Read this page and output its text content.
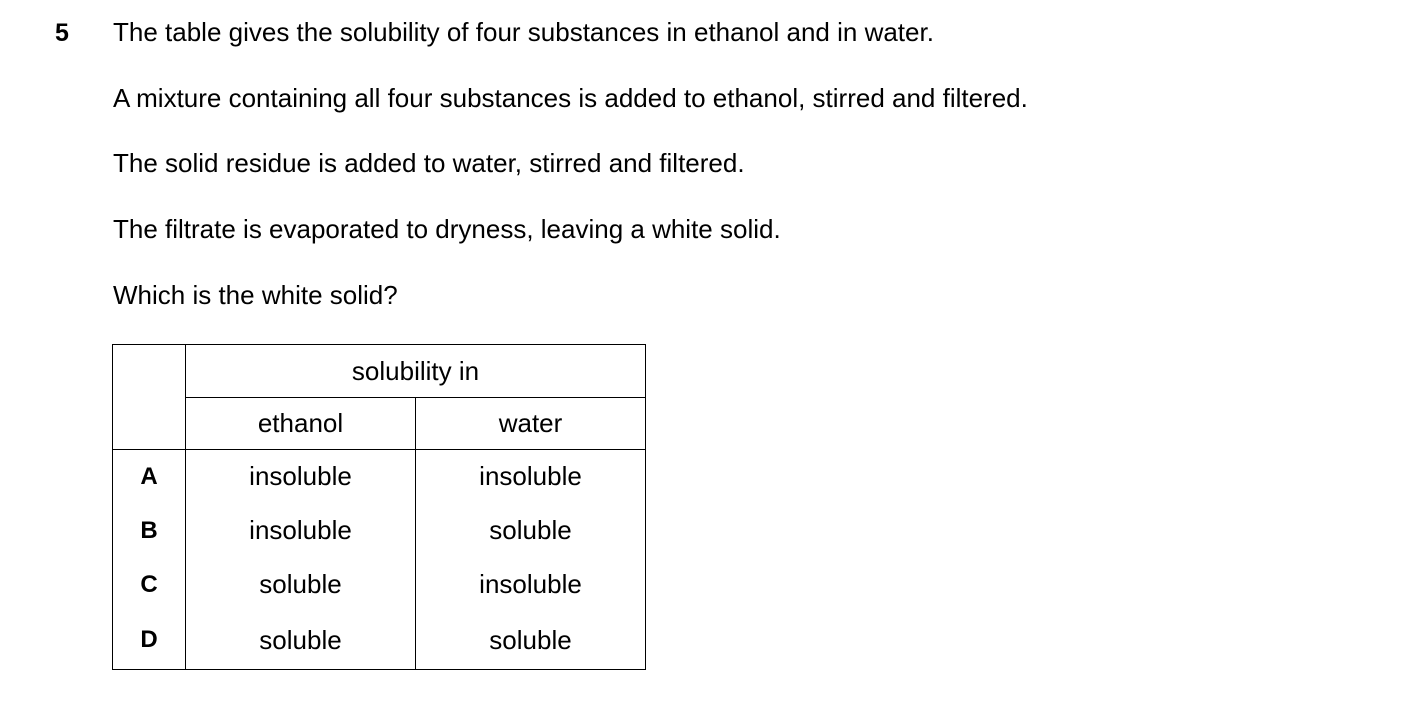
5 The table gives the solubility of four substances in ethanol and in water.
A mixture containing all four substances is added to ethanol, stirred and filtered.
The solid residue is added to water, stirred and filtered.
The filtrate is evaporated to dryness, leaving a white solid.
Which is the white solid?
	solubility in	
	ethanol	water
A	insoluble	insoluble
B	insoluble	soluble
C	soluble	insoluble
D	soluble	soluble
